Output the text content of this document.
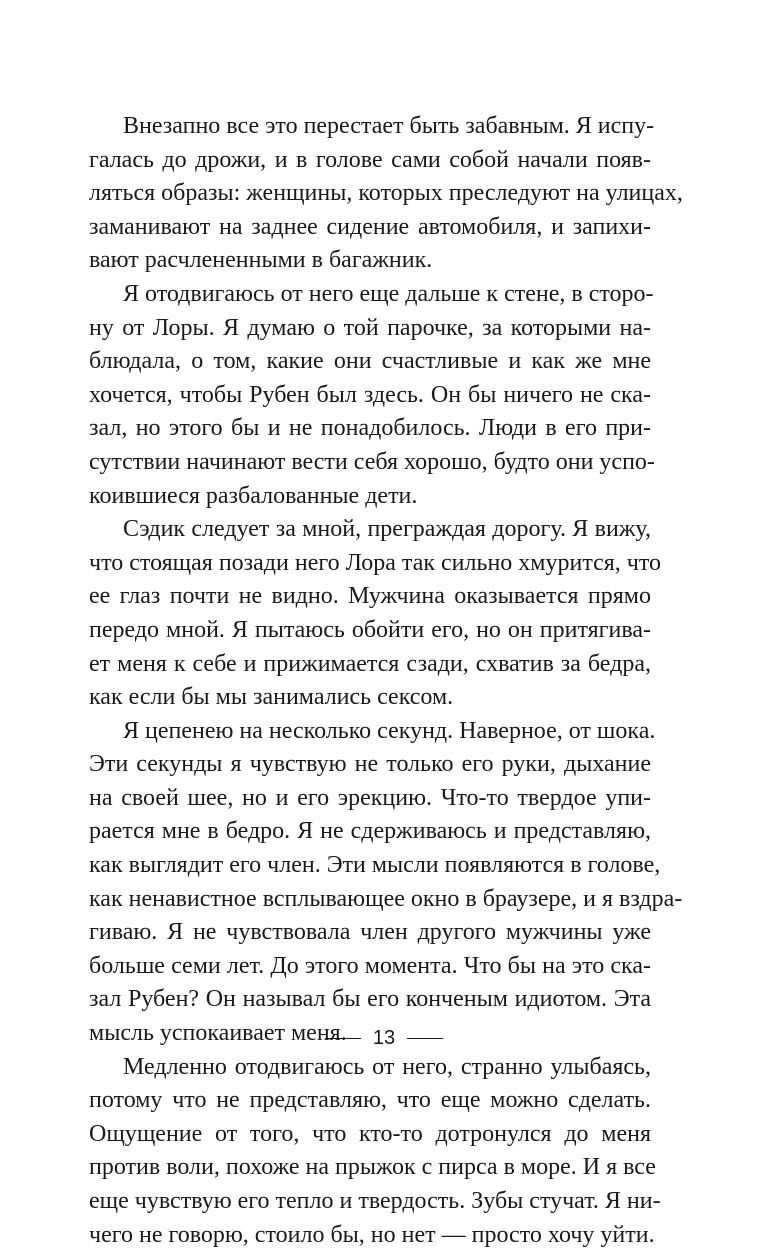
Внезапно все это перестает быть забавным. Я испу-
галась до дрожи, и в голове сами собой начали появ-
ляться образы: женщины, которых преследуют на улицах,
заманивают на заднее сидение автомобиля, и запихи-
вают расчлененными в багажник.
Я отодвигаюсь от него еще дальше к стене, в сторо-
ну от Лоры. Я думаю о той парочке, за которыми на-
блюдала, о том, какие они счастливые и как же мне
хочется, чтобы Рубен был здесь. Он бы ничего не ска-
зал, но этого бы и не понадобилось. Люди в его при-
сутствии начинают вести себя хорошо, будто они успо-
коившиеся разбалованные дети.
Сэдик следует за мной, преграждая дорогу. Я вижу,
что стоящая позади него Лора так сильно хмурится, что
ее глаз почти не видно. Мужчина оказывается прямо
передо мной. Я пытаюсь обойти его, но он притягива-
ет меня к себе и прижимается сзади, схватив за бедра,
как если бы мы занимались сексом.
Я цепенею на несколько секунд. Наверное, от шока.
Эти секунды я чувствую не только его руки, дыхание
на своей шее, но и его эрекцию. Что-то твердое упи-
рается мне в бедро. Я не сдерживаюсь и представляю,
как выглядит его член. Эти мысли появляются в голове,
как ненавистное всплывающее окно в браузере, и я вздра-
гиваю. Я не чувствовала член другого мужчины уже
больше семи лет. До этого момента. Что бы на это ска-
зал Рубен? Он называл бы его конченым идиотом. Эта
мысль успокаивает меня.
Медленно отодвигаюсь от него, странно улыбаясь,
потому что не представляю, что еще можно сделать.
Ощущение от того, что кто-то дотронулся до меня
против воли, похоже на прыжок с пирса в море. И я все
еще чувствую его тепло и твердость. Зубы стучат. Я ни-
чего не говорю, стоило бы, но нет — просто хочу уйти.
13
